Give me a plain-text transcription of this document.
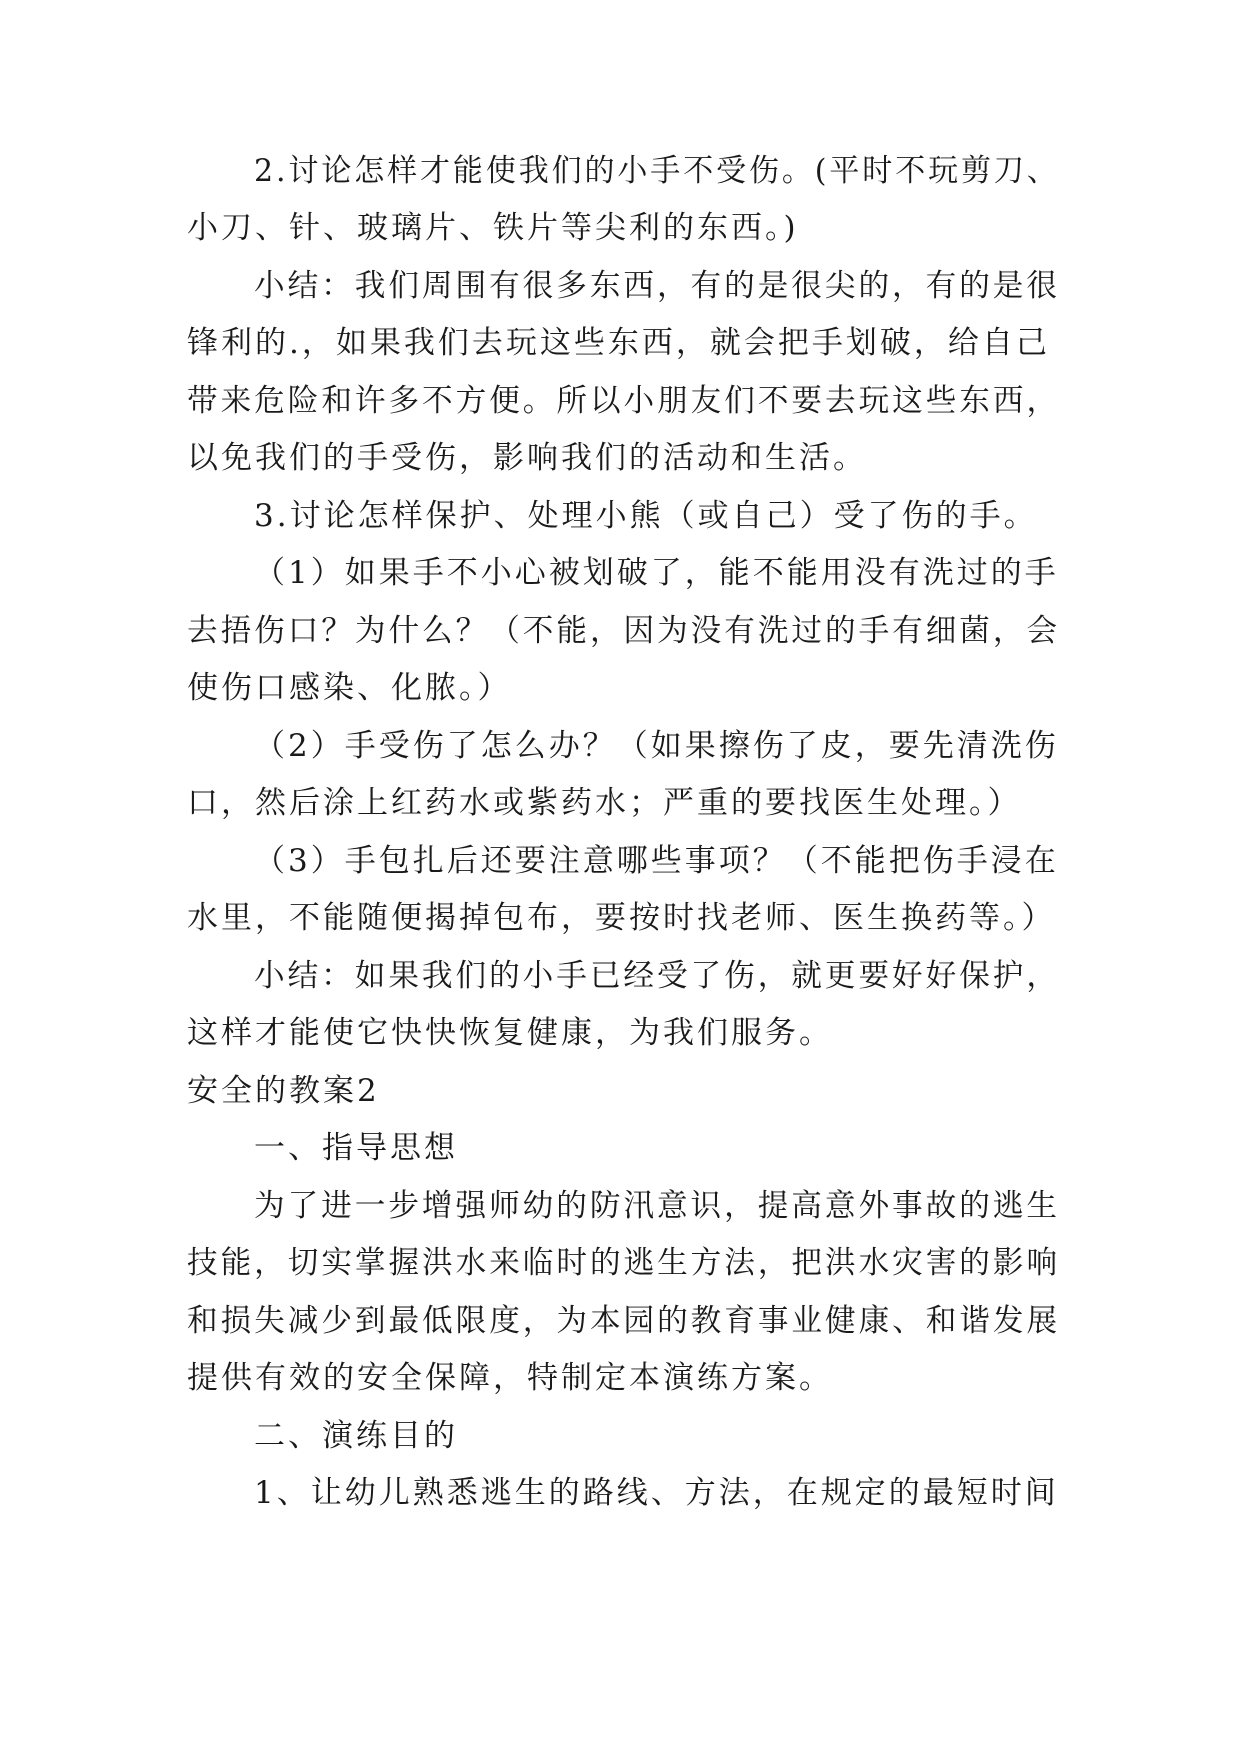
2.讨论怎样才能使我们的小手不受伤。(平时不玩剪刀、
小刀、针、玻璃片、铁片等尖利的东西。)
小结：我们周围有很多东西，有的是很尖的，有的是很
锋利的.，如果我们去玩这些东西，就会把手划破，给自己
带来危险和许多不方便。所以小朋友们不要去玩这些东西，
以免我们的手受伤，影响我们的活动和生活。
3.讨论怎样保护、处理小熊（或自己）受了伤的手。
（1）如果手不小心被划破了，能不能用没有洗过的手
去捂伤口？为什么？（不能，因为没有洗过的手有细菌，会
使伤口感染、化脓。）
（2）手受伤了怎么办？（如果擦伤了皮，要先清洗伤
口，然后涂上红药水或紫药水；严重的要找医生处理。）
（3）手包扎后还要注意哪些事项？（不能把伤手浸在
水里，不能随便揭掉包布，要按时找老师、医生换药等。）
小结：如果我们的小手已经受了伤，就更要好好保护，
这样才能使它快快恢复健康，为我们服务。
安全的教案2
一、指导思想
为了进一步增强师幼的防汛意识，提高意外事故的逃生
技能，切实掌握洪水来临时的逃生方法，把洪水灾害的影响
和损失减少到最低限度，为本园的教育事业健康、和谐发展
提供有效的安全保障，特制定本演练方案。
二、演练目的
1、让幼儿熟悉逃生的路线、方法，在规定的最短时间
